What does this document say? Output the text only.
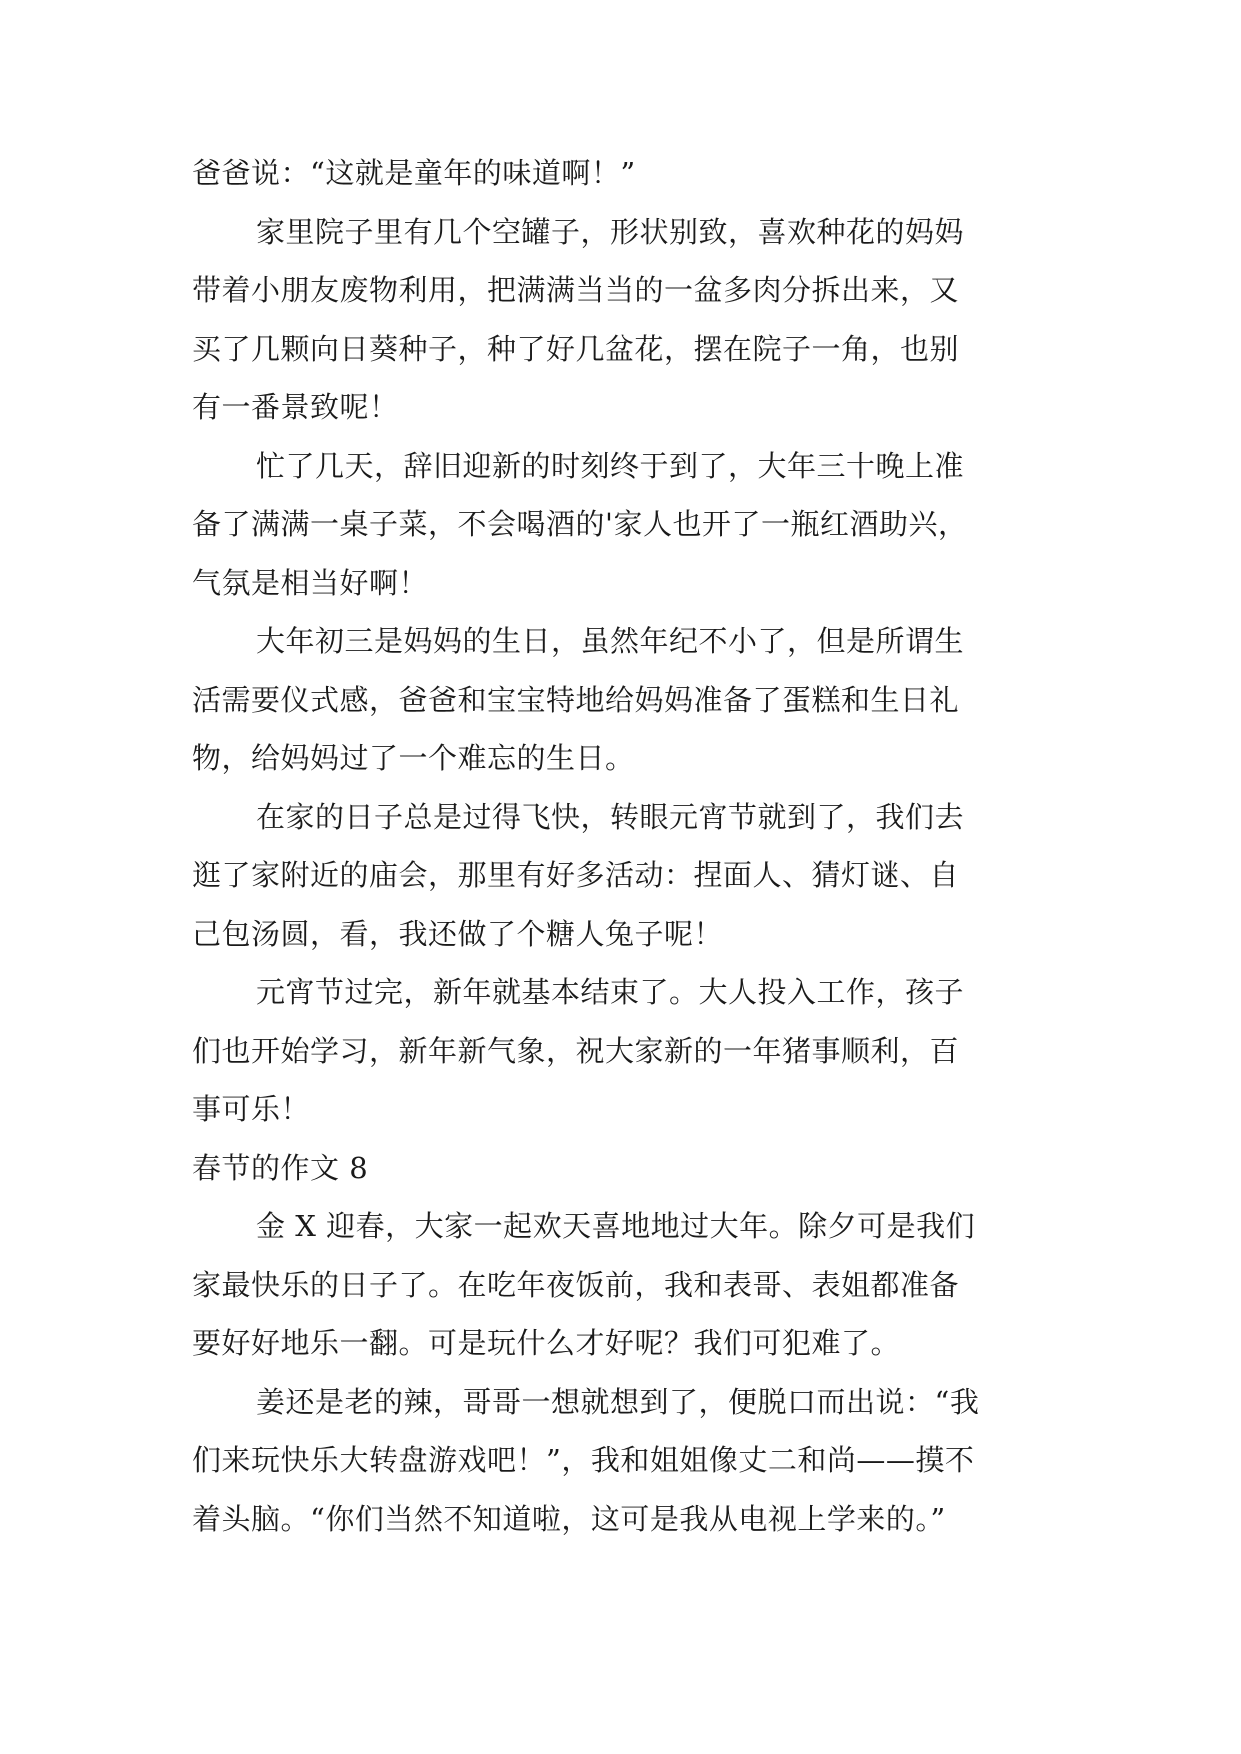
爸爸说：“这就是童年的味道啊！”
家里院子里有几个空罐子，形状别致，喜欢种花的妈妈
带着小朋友废物利用，把满满当当的一盆多肉分拆出来，又
买了几颗向日葵种子，种了好几盆花，摆在院子一角，也别
有一番景致呢！
忙了几天，辞旧迎新的时刻终于到了，大年三十晚上准
备了满满一桌子菜，不会喝酒的'家人也开了一瓶红酒助兴，
气氛是相当好啊！
大年初三是妈妈的生日，虽然年纪不小了，但是所谓生
活需要仪式感，爸爸和宝宝特地给妈妈准备了蛋糕和生日礼
物，给妈妈过了一个难忘的生日。
在家的日子总是过得飞快，转眼元宵节就到了，我们去
逛了家附近的庙会，那里有好多活动：捏面人、猜灯谜、自
己包汤圆，看，我还做了个糖人兔子呢！
元宵节过完，新年就基本结束了。大人投入工作，孩子
们也开始学习，新年新气象，祝大家新的一年猪事顺利，百
事可乐！
春节的作文 8
金 X 迎春，大家一起欢天喜地地过大年。除夕可是我们
家最快乐的日子了。在吃年夜饭前，我和表哥、表姐都准备
要好好地乐一翻。可是玩什么才好呢？我们可犯难了。
姜还是老的辣，哥哥一想就想到了，便脱口而出说：“我
们来玩快乐大转盘游戏吧！”，我和姐姐像丈二和尚——摸不
着头脑。“你们当然不知道啦，这可是我从电视上学来的。”
